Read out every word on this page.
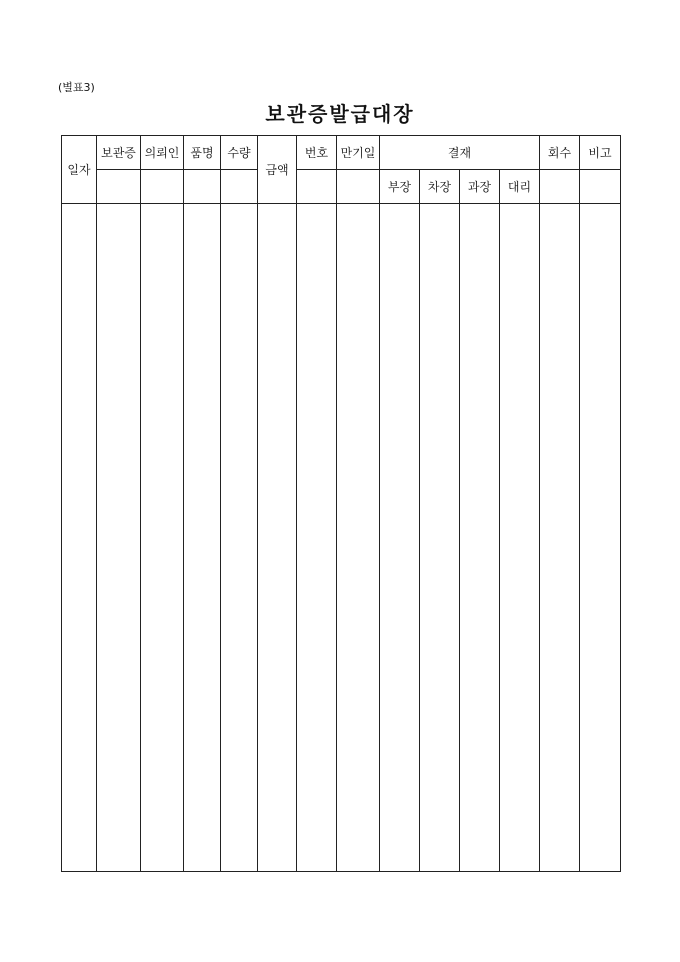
(별표3)
보관증발급대장
일자	보관증	의뢰인	품명	수량	금액	번호	만기일	결재				회수	비고
								부장	차장	과장	대리		
